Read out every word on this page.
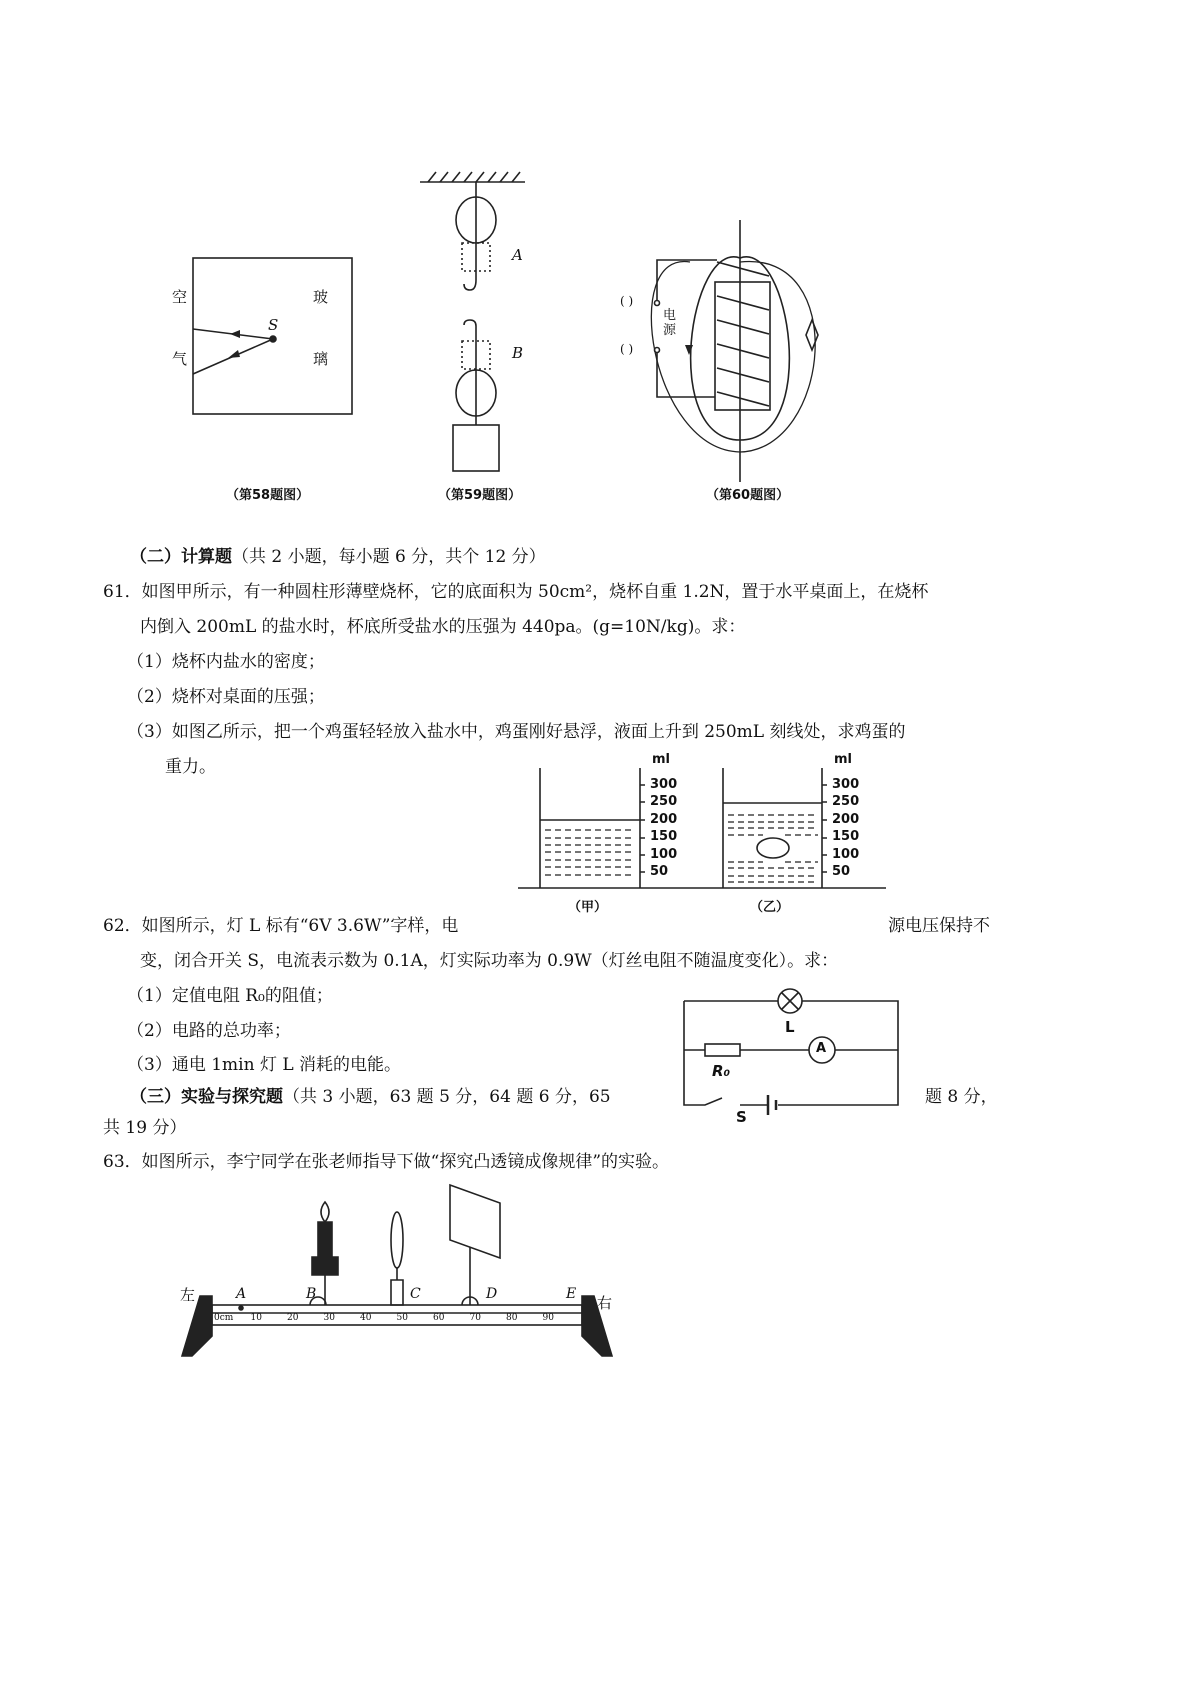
空
气
玻
璃
S
（第58题图）
A
B
（第59题图）
( )
( )
电源
（第60题图）
（二）计算题（共 2 小题，每小题 6 分，共个 12 分）
61．如图甲所示，有一种圆柱形薄壁烧杯，它的底面积为 50cm²，烧杯自重 1.2N，置于水平桌面上，在烧杯
内倒入 200mL 的盐水时，杯底所受盐水的压强为 440pa。(g=10N/kg)。求：
（1）烧杯内盐水的密度；
（2）烧杯对桌面的压强；
（3）如图乙所示，把一个鸡蛋轻轻放入盐水中，鸡蛋刚好悬浮，液面上升到 250mL 刻线处，求鸡蛋的
重力。	ml	ml
300
250
200
150
100
50
300
250
200
150
100
50
（甲）	（乙）
62．如图所示，灯 L 标有“6V 3.6W”字样，电	源电压保持不
变，闭合开关 S，电流表示数为 0.1A，灯实际功率为 0.9W（灯丝电阻不随温度变化）。求：
（1）定值电阻 R₀的阻值；
（2）电路的总功率；
（3）通电 1min 灯 L 消耗的电能。
L
A
R₀
S
（三）实验与探究题（共 3 小题，63 题 5 分，64 题 6 分，65	题 8 分，
共 19 分）
63．如图所示，李宁同学在张老师指导下做“探究凸透镜成像规律”的实验。
左	右
A	B	C	D	E
0cm 10	20	30	40	50	60	70	80	90
